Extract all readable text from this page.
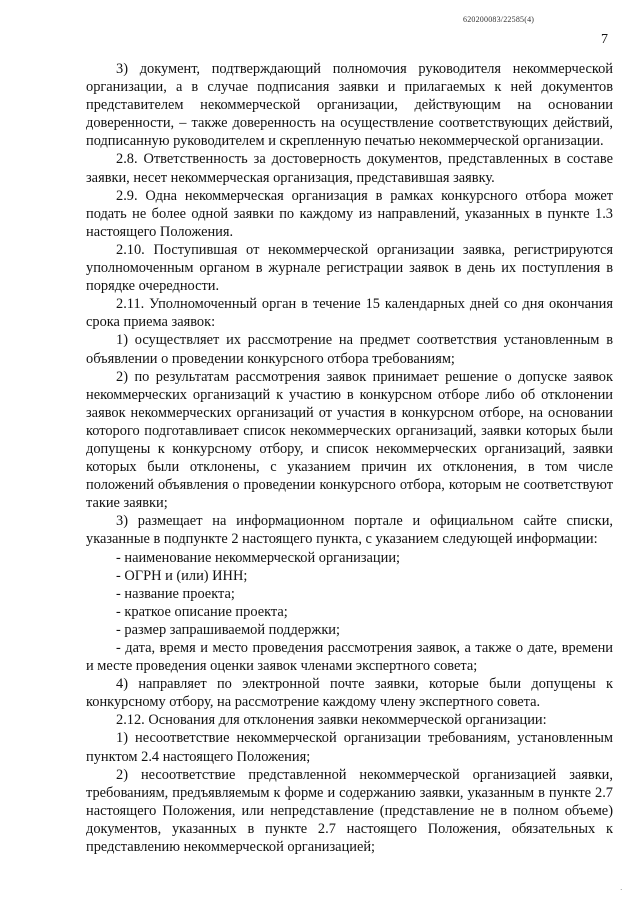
620200083/22585(4)
7

3) документ, подтверждающий полномочия руководителя некоммерческой организации, а в случае подписания заявки и прилагаемых к ней документов представителем некоммерческой организации, действующим на основании доверенности, – также доверенность на осуществление соответствующих действий, подписанную руководителем и скрепленную печатью некоммерческой организации.

2.8. Ответственность за достоверность документов, представленных в составе заявки, несет некоммерческая организация, представившая заявку.

2.9. Одна некоммерческая организация в рамках конкурсного отбора может подать не более одной заявки по каждому из направлений, указанных в пункте 1.3 настоящего Положения.

2.10. Поступившая от некоммерческой организации заявка, регистрируются уполномоченным органом в журнале регистрации заявок в день их поступления в порядке очередности.

2.11. Уполномоченный орган в течение 15 календарных дней со дня окончания срока приема заявок:

1) осуществляет их рассмотрение на предмет соответствия установленным в объявлении о проведении конкурсного отбора требованиям;

2) по результатам рассмотрения заявок принимает решение о допуске заявок некоммерческих организаций к участию в конкурсном отборе либо об отклонении заявок некоммерческих организаций от участия в конкурсном отборе, на основании которого подготавливает список некоммерческих организаций, заявки которых были допущены к конкурсному отбору, и список некоммерческих организаций, заявки которых были отклонены, с указанием причин их отклонения, в том числе положений объявления о проведении конкурсного отбора, которым не соответствуют такие заявки;

3) размещает на информационном портале и официальном сайте списки, указанные в подпункте 2 настоящего пункта, с указанием следующей информации:

- наименование некоммерческой организации;

- ОГРН и (или) ИНН;

- название проекта;

- краткое описание проекта;

- размер запрашиваемой поддержки;

- дата, время и место проведения рассмотрения заявок, а также о дате, времени и месте проведения оценки заявок членами экспертного совета;

4) направляет по электронной почте заявки, которые были допущены к конкурсному отбору, на рассмотрение каждому члену экспертного совета.

2.12. Основания для отклонения заявки некоммерческой организации:

1) несоответствие некоммерческой организации требованиям, установленным пунктом 2.4 настоящего Положения;

2) несоответствие представленной некоммерческой организацией заявки, требованиям, предъявляемым к форме и содержанию заявки, указанным в пункте 2.7 настоящего Положения, или непредставление (представление не в полном объеме) документов, указанных в пункте 2.7 настоящего Положения, обязательных к представлению некоммерческой организацией;

·
